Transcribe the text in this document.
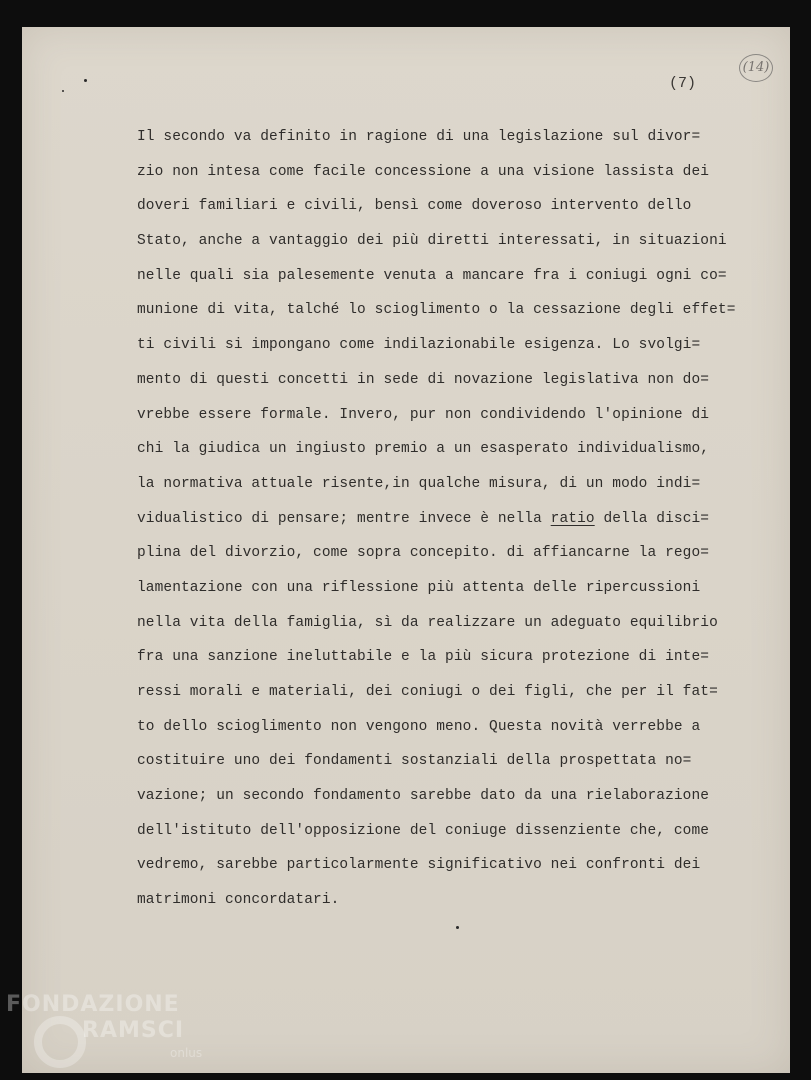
(7)

(14)
Il secondo va definito in ragione di una legislazione sul divor=
zio non intesa come facile concessione a una visione lassista dei
doveri familiari e civili, bensì come doveroso intervento dello
Stato, anche a vantaggio dei più diretti interessati, in situazioni
nelle quali sia palesemente venuta a mancare fra i coniugi ogni co=
munione di vita, talché lo scioglimento o la cessazione degli effet=
ti civili si impongano come indilazionabile esigenza. Lo svolgi=
mento di questi concetti in sede di novazione legislativa non do=
vrebbe essere formale. Invero, pur non condividendo l'opinione di
chi la giudica un ingiusto premio a un esasperato individualismo,
la normativa attuale risente,in qualche misura, di un modo indi=
vidualistico di pensare; mentre invece è nella ratio della disci=
plina del divorzio, come sopra concepito. di affiancarne la rego=
lamentazione con una riflessione più attenta delle ripercussioni
nella vita della famiglia, sì da realizzare un adeguato equilibrio
fra una sanzione ineluttabile e la più sicura protezione di inte=
ressi morali e materiali, dei coniugi o dei figli, che per il fat=
to dello scioglimento non vengono meno. Questa novità verrebbe a
costituire uno dei fondamenti sostanziali della prospettata no=
vazione; un secondo fondamento sarebbe dato da una rielaborazione
dell'istituto dell'opposizione del coniuge dissenziente che, come
vedremo, sarebbe particolarmente significativo nei confronti dei
matrimoni concordatari.
FONDAZIONE
RAMSCI
onlus
